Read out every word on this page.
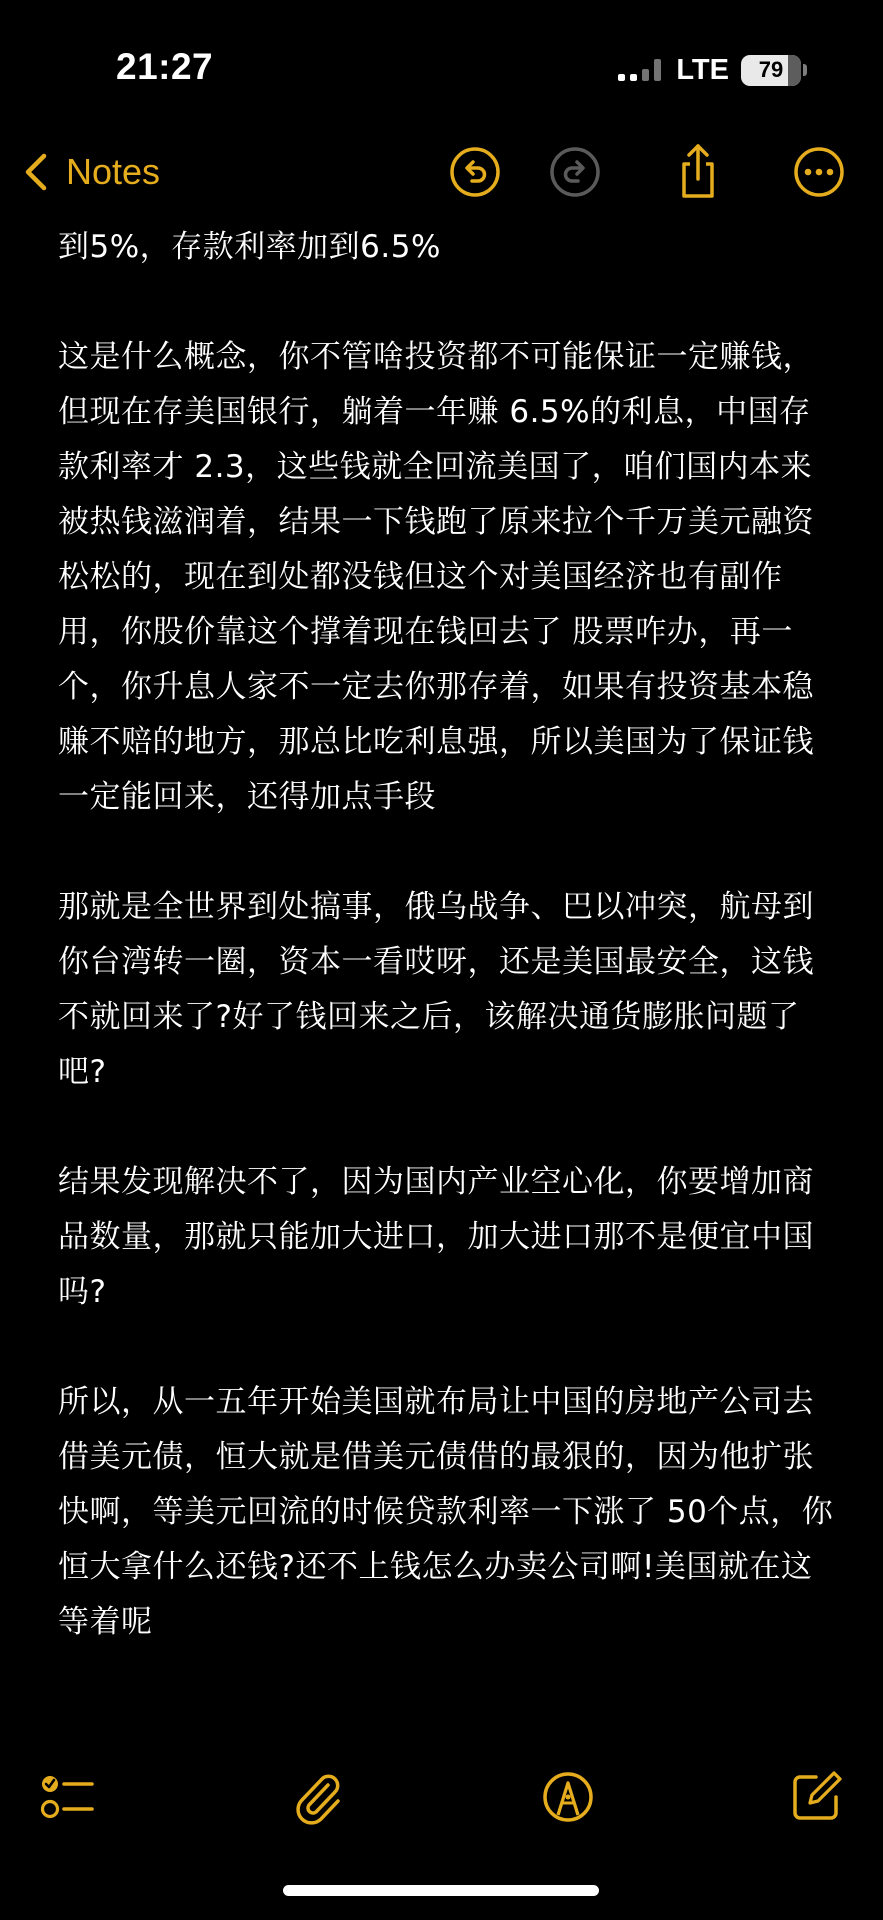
21:27	LTE 79
Notes

到5%，存款利率加到6.5%

这是什么概念，你不管啥投资都不可能保证一定赚钱，但现在存美国银行，躺着一年赚 6.5%的利息，中国存款利率才 2.3，这些钱就全回流美国了，咱们国内本来被热钱滋润着，结果一下钱跑了原来拉个千万美元融资松松的，现在到处都没钱但这个对美国经济也有副作用，你股价靠这个撑着现在钱回去了 股票咋办，再一个，你升息人家不一定去你那存着，如果有投资基本稳赚不赔的地方，那总比吃利息强，所以美国为了保证钱一定能回来，还得加点手段

那就是全世界到处搞事，俄乌战争、巴以冲突，航母到你台湾转一圈，资本一看哎呀，还是美国最安全，这钱不就回来了?好了钱回来之后，该解决通货膨胀问题了吧?

结果发现解决不了，因为国内产业空心化，你要增加商品数量，那就只能加大进口，加大进口那不是便宜中国吗?

所以，从一五年开始美国就布局让中国的房地产公司去借美元债，恒大就是借美元债借的最狠的，因为他扩张快啊，等美元回流的时候贷款利率一下涨了 50个点，你恒大拿什么还钱?还不上钱怎么办卖公司啊!美国就在这等着呢
